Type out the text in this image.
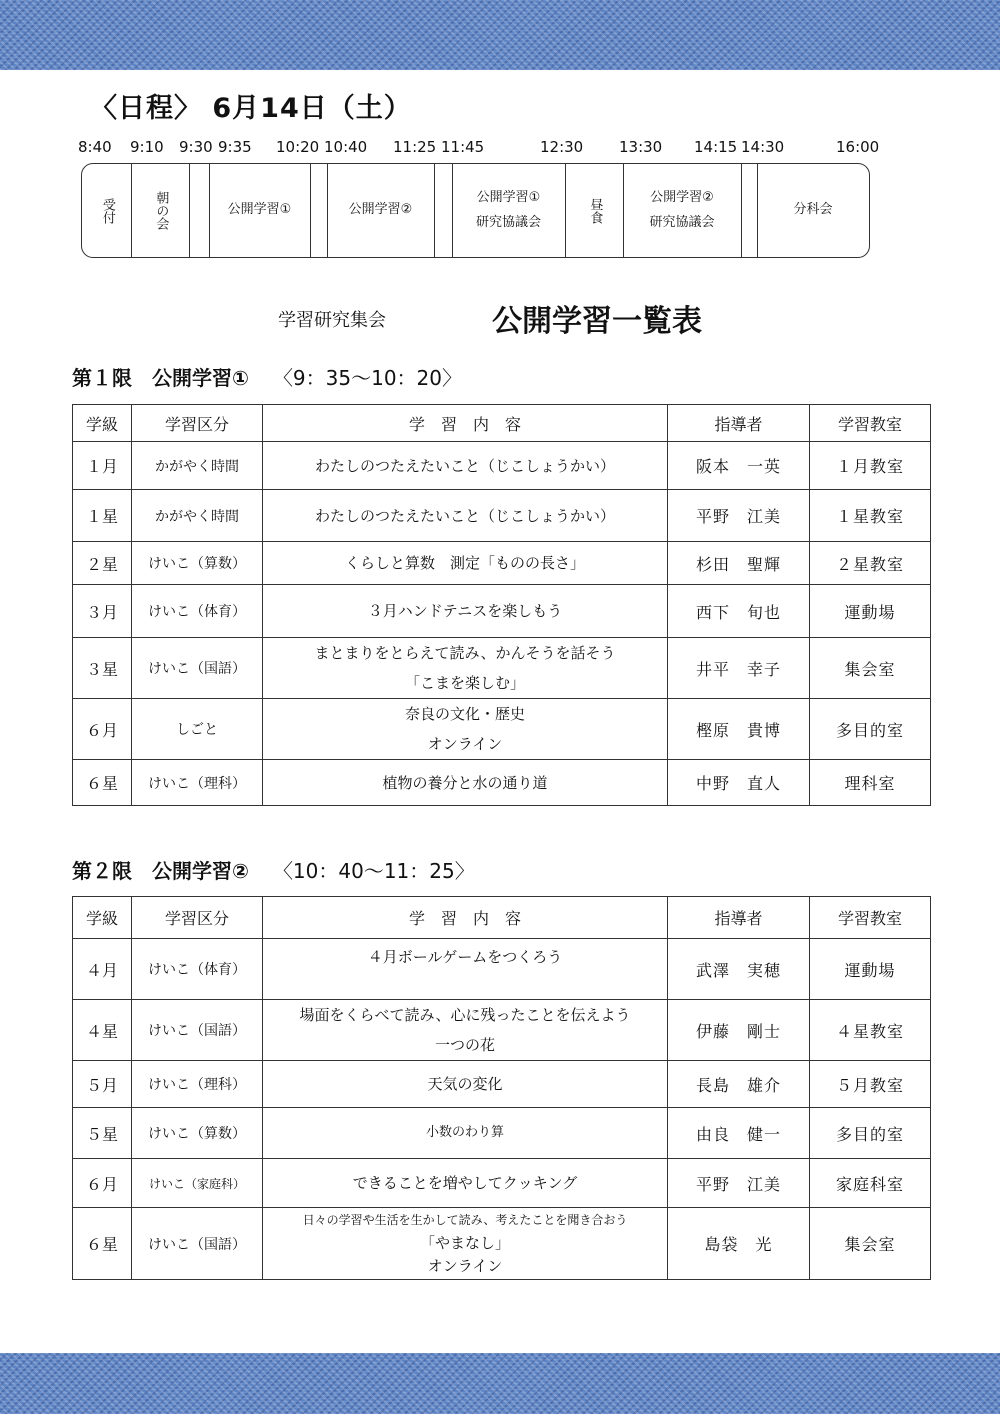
〈日程〉 6月14日（土）
8:40 9:10 9:30 9:35 10:20 10:40 11:25 11:45	12:30 13:30 14:15 14:30	16:00
受付	朝の会	公開学習①	公開学習②
公開学習①
研究協議会	昼食
公開学習②
研究協議会
分科会
学習研究集会	公開学習一覧表
第１限　公開学習① 〈9：35～10：20〉
学級	学習区分	学　習　内　容	指導者	学習教室
１月	かがやく時間	わたしのつたえたいこと（じこしょうかい）	阪本　一英	１月教室
１星	かがやく時間	わたしのつたえたいこと（じこしょうかい）	平野　江美	１星教室
２星	けいこ（算数）	くらしと算数　測定「ものの長さ」	杉田　聖輝	２星教室
３月	けいこ（体育）	３月ハンドテニスを楽しもう	西下　旬也	運動場
３星	けいこ（国語）	まとまりをとらえて読み、かんそうを話そう
「こまを楽しむ」	井平　幸子	集会室
６月	しごと	奈良の文化・歴史
オンライン	樫原　貴博	多目的室
６星	けいこ（理科）	植物の養分と水の通り道	中野　直人	理科室
第２限　公開学習② 〈10：40～11：25〉
学級	学習区分	学　習　内　容	指導者	学習教室
４月	けいこ（体育）	４月ボールゲームをつくろう	武澤　実穂	運動場
４星	けいこ（国語）	場面をくらべて読み、心に残ったことを伝えよう
一つの花	伊藤　剛士	４星教室
５月	けいこ（理科）	天気の変化	長島　雄介	５月教室
５星	けいこ（算数）	小数のわり算	由良　健一	多目的室
６月	けいこ（家庭科）	できることを増やしてクッキング	平野　江美	家庭科室
６星	けいこ（国語）	日々の学習や生活を生かして読み、考えたことを聞き合おう
「やまなし」
オンライン	島袋　光	集会室
